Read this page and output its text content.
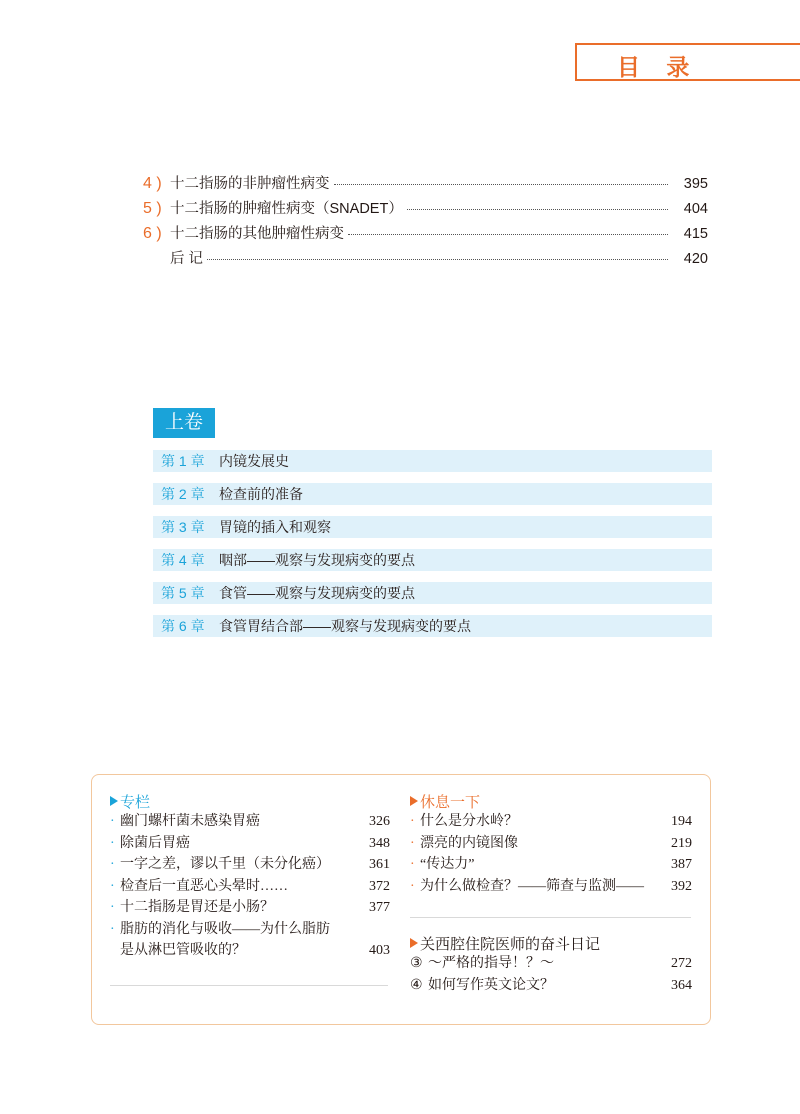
目 录
4 ) 十二指肠的非肿瘤性病变	395
5 ) 十二指肠的肿瘤性病变（SNADET）	404
6 ) 十二指肠的其他肿瘤性病变	415
后 记	420
上卷
第 1 章	内镜发展史
第 2 章	检查前的准备
第 3 章	胃镜的插入和观察
第 4 章	咽部——观察与发现病变的要点
第 5 章	食管——观察与发现病变的要点
第 6 章	食管胃结合部——观察与发现病变的要点
专栏
· 幽门螺杆菌未感染胃癌	326
· 除菌后胃癌	348
· 一字之差，谬以千里（未分化癌）	361
· 检查后一直恶心头晕时……	372
· 十二指肠是胃还是小肠？	377
· 脂肪的消化与吸收——为什么脂肪
是从淋巴管吸收的？	403
休息一下
· 什么是分水岭？	194
· 漂亮的内镜图像	219
· “传达力”	387
· 为什么做检查？——筛查与监测——	392
关西腔住院医师的奋斗日记
③ ～严格的指导！？～	272
④ 如何写作英文论文？	364
